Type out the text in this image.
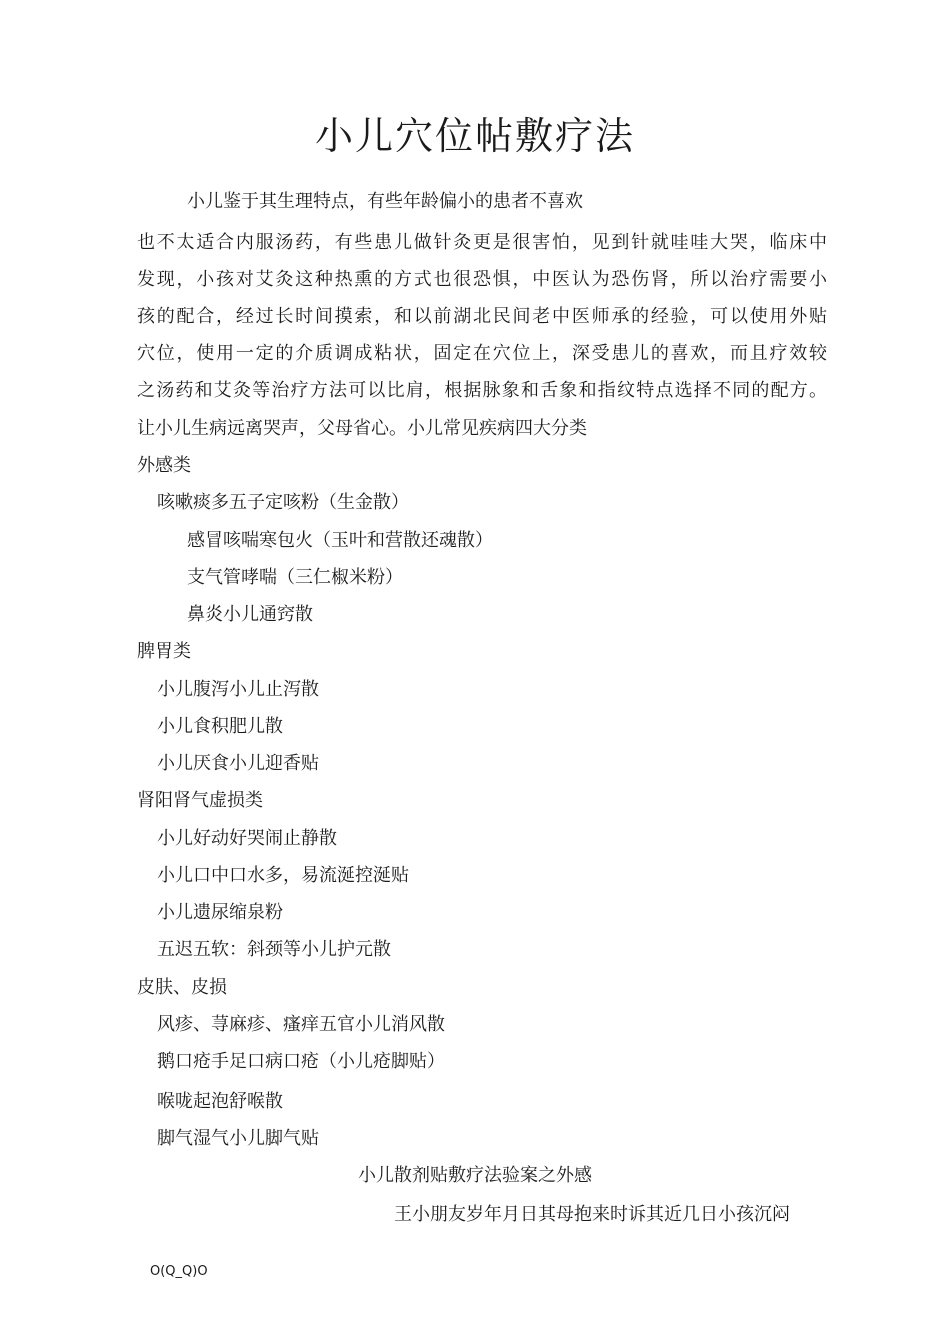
小儿穴位帖敷疗法
小儿鉴于其生理特点，有些年龄偏小的患者不喜欢
也不太适合内服汤药，有些患儿做针灸更是很害怕，见到针就哇哇大哭，临床中
发现，小孩对艾灸这种热熏的方式也很恐惧，中医认为恐伤肾，所以治疗需要小
孩的配合，经过长时间摸索，和以前湖北民间老中医师承的经验，可以使用外贴
穴位，使用一定的介质调成粘状，固定在穴位上，深受患儿的喜欢，而且疗效较
之汤药和艾灸等治疗方法可以比肩，根据脉象和舌象和指纹特点选择不同的配方。
让小儿生病远离哭声，父母省心。小儿常见疾病四大分类
外感类
咳嗽痰多五子定咳粉（生金散）
感冒咳喘寒包火（玉叶和营散还魂散）
支气管哮喘（三仁椒米粉）
鼻炎小儿通窍散
脾胃类
小儿腹泻小儿止泻散
小儿食积肥儿散
小儿厌食小儿迎香贴
肾阳肾气虚损类
小儿好动好哭闹止静散
小儿口中口水多，易流涎控涎贴
小儿遗尿缩泉粉
五迟五软：斜颈等小儿护元散
皮肤、皮损
风疹、荨麻疹、瘙痒五官小儿消风散
鹅口疮手足口病口疮（小儿疮脚贴）
喉咙起泡舒喉散
脚气湿气小儿脚气贴
小儿散剂贴敷疗法验案之外感
王小朋友岁年月日其母抱来时诉其近几日小孩沉闷
O(Q_Q)O
